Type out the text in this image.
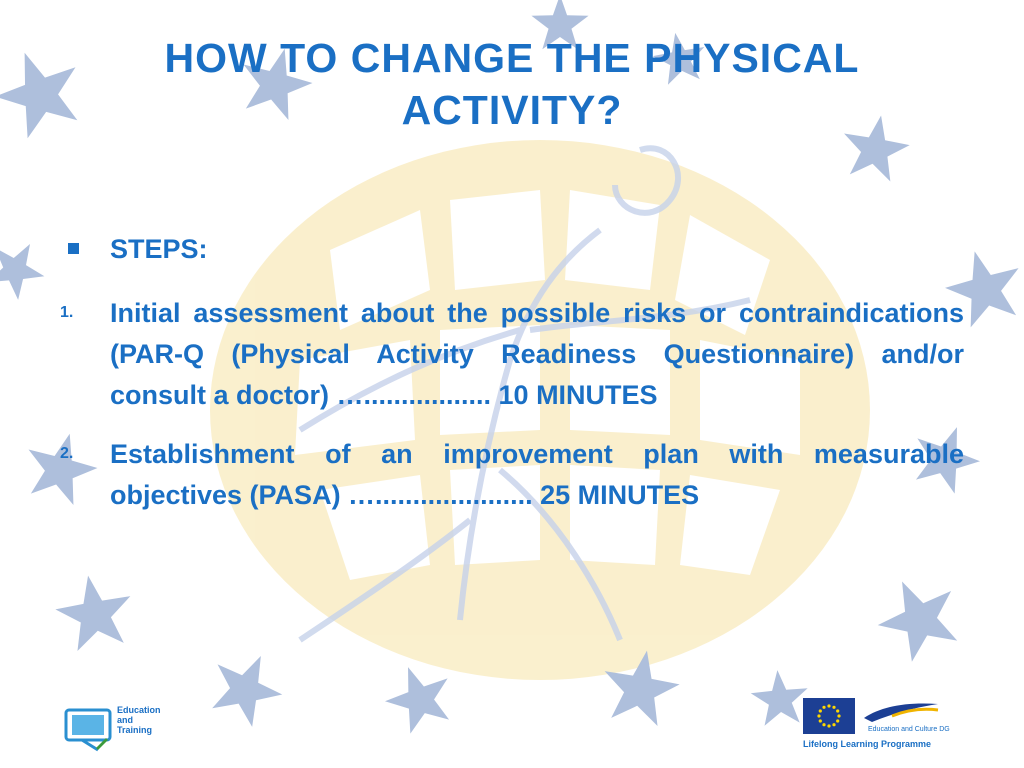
HOW TO CHANGE THE PHYSICAL ACTIVITY?
STEPS:
1.	Initial assessment about the possible risks or contraindications (PAR-Q (Physical Activity Readiness Questionnaire) and/or consult a doctor) …................. 10 MINUTES
2.	Establishment of an improvement plan with measurable objectives (PASA) …..................... 25 MINUTES
Education and Training	Education and Culture DG
Lifelong Learning Programme
